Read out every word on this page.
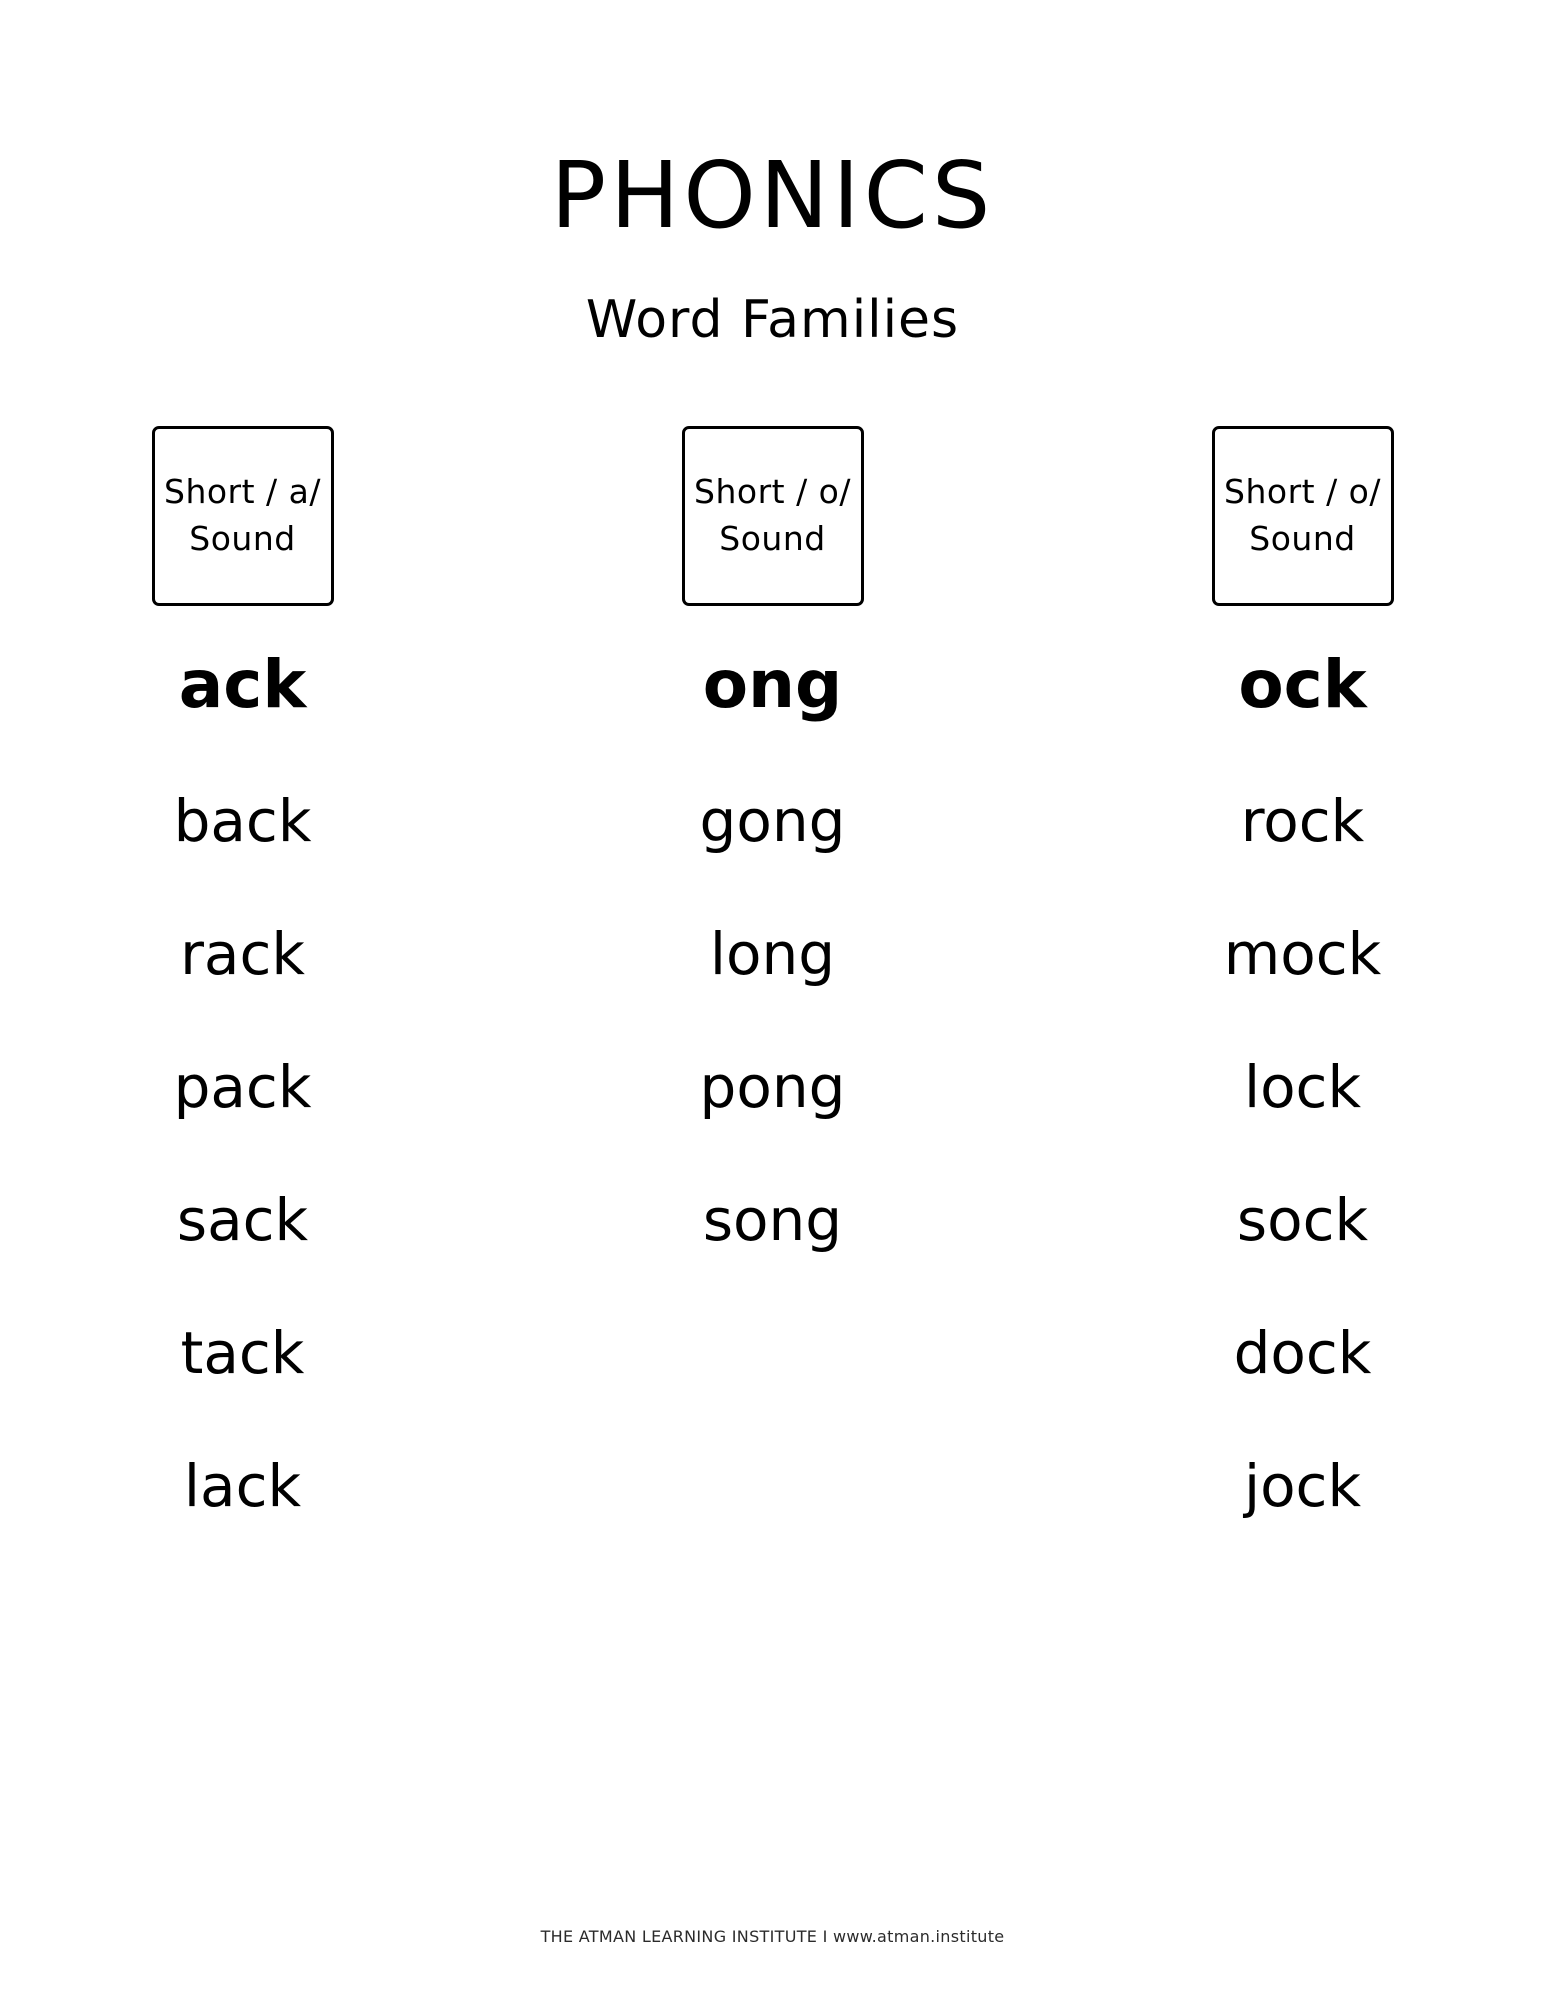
PHONICS
Word Families
Short / a/ Sound
ack
back
rack
pack
sack
tack
lack
Short / o/ Sound
ong
gong
long
pong
song
Short / o/ Sound
ock
rock
mock
lock
sock
dock
jock
THE ATMAN LEARNING INSTITUTE I www.atman.institute
